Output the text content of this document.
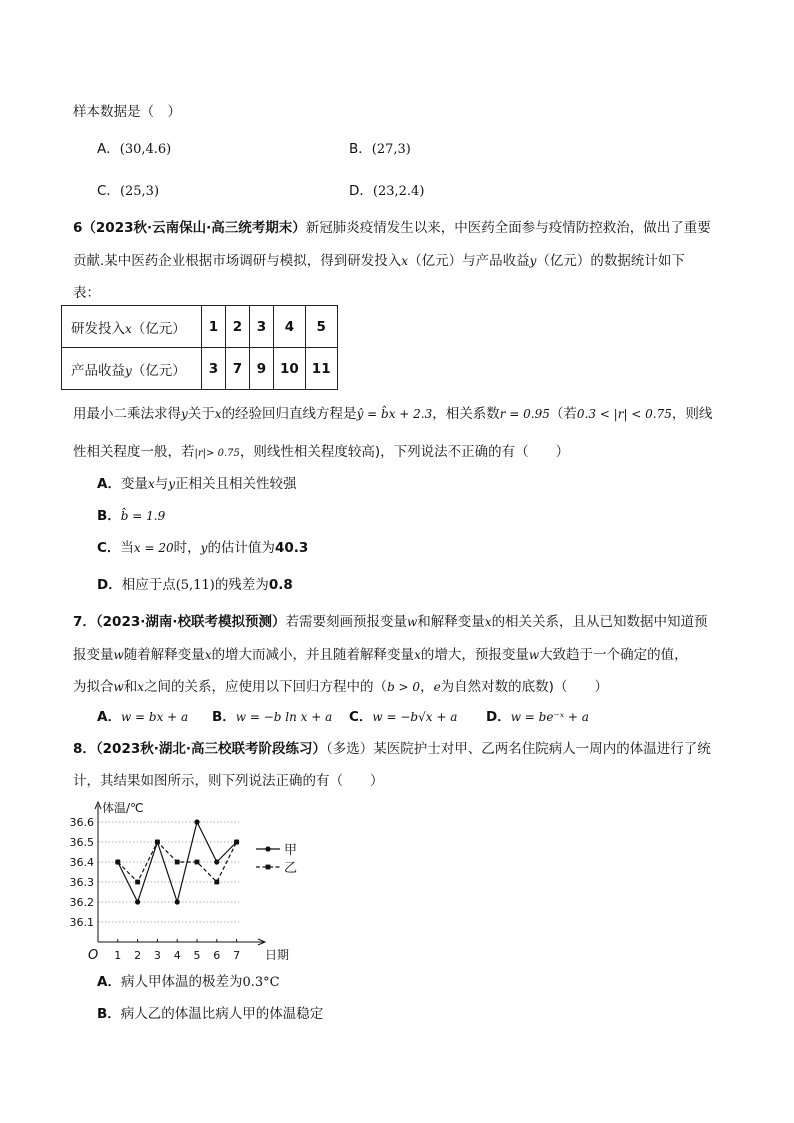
样本数据是（　）
A．(30,4.6)	B．(27,3)
C．(25,3)	D．(23,2.4)
6（2023秋·云南保山·高三统考期末）新冠肺炎疫情发生以来，中医药全面参与疫情防控救治，做出了重要
贡献.某中医药企业根据市场调研与模拟，得到研发投入x（亿元）与产品收益y（亿元）的数据统计如下
表：
研发投入x（亿元）	1	2	3	4	5
产品收益y（亿元）	3	7	9	10	11
用最小二乘法求得y关于x的经验回归直线方程是ŷ = b̂x + 2.3，相关系数r = 0.95（若0.3 < |r| < 0.75，则线
性相关程度一般，若|r|> 0.75，则线性相关程度较高)，下列说法不正确的有（　　）
A．变量x与y正相关且相关性较强
B．b̂ = 1.9
C．当x = 20时，y的估计值为40.3
D．相应于点(5,11)的残差为0.8
7．（2023·湖南·校联考模拟预测）若需要刻画预报变量w和解释变量x的相关关系，且从已知数据中知道预
报变量w随着解释变量x的增大而减小，并且随着解释变量x的增大，预报变量w大致趋于一个确定的值，
为拟合w和x之间的关系，应使用以下回归方程中的（b > 0，e为自然对数的底数)（　　）
A．w = bx + a B．w = −b ln x + a C．w = −b√x + a D．w = be⁻ˣ + a
8．（2023秋·湖北·高三校联考阶段练习）（多选）某医院护士对甲、乙两名住院病人一周内的体温进行了统
计，其结果如图所示，则下列说法正确的有（　　）
36.1
36.2
36.3
36.4
36.5
36.6
体温/℃
日期
O 1 2 3 4 5 6 7
甲
乙
A．病人甲体温的极差为0.3°C
B．病人乙的体温比病人甲的体温稳定
